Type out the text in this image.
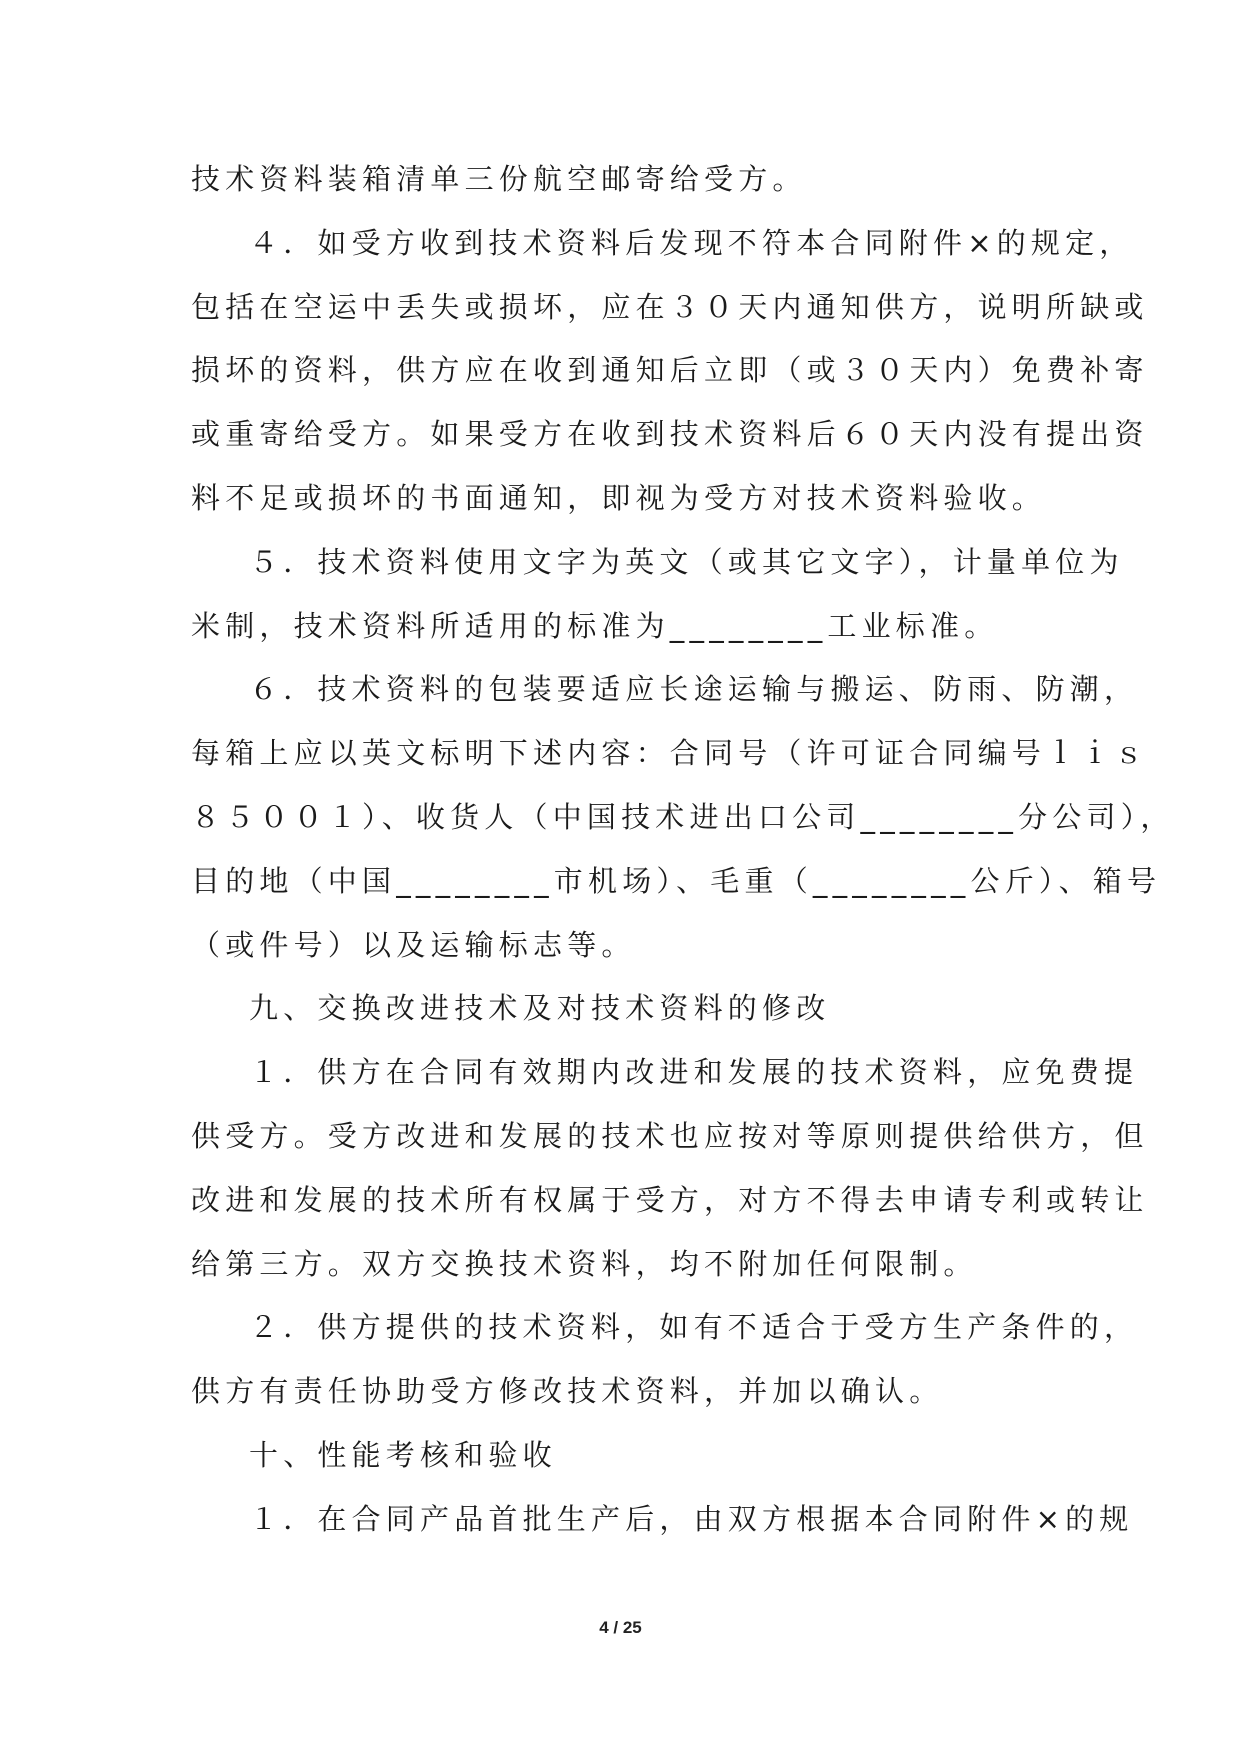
技术资料装箱清单三份航空邮寄给受方。
４．如受方收到技术资料后发现不符本合同附件×的规定，
包括在空运中丢失或损坏，应在３０天内通知供方，说明所缺或
损坏的资料，供方应在收到通知后立即（或３０天内）免费补寄
或重寄给受方。如果受方在收到技术资料后６０天内没有提出资
料不足或损坏的书面通知，即视为受方对技术资料验收。
５．技术资料使用文字为英文（或其它文字），计量单位为
米制，技术资料所适用的标准为________工业标准。
６．技术资料的包装要适应长途运输与搬运、防雨、防潮，
每箱上应以英文标明下述内容：合同号（许可证合同编号ｌｉｓ
８５００１）、收货人（中国技术进出口公司________分公司），
目的地（中国________市机场）、毛重（________公斤）、箱号
（或件号）以及运输标志等。
九、交换改进技术及对技术资料的修改
１．供方在合同有效期内改进和发展的技术资料，应免费提
供受方。受方改进和发展的技术也应按对等原则提供给供方，但
改进和发展的技术所有权属于受方，对方不得去申请专利或转让
给第三方。双方交换技术资料，均不附加任何限制。
２．供方提供的技术资料，如有不适合于受方生产条件的，
供方有责任协助受方修改技术资料，并加以确认。
十、性能考核和验收
１．在合同产品首批生产后，由双方根据本合同附件×的规
4 / 25
